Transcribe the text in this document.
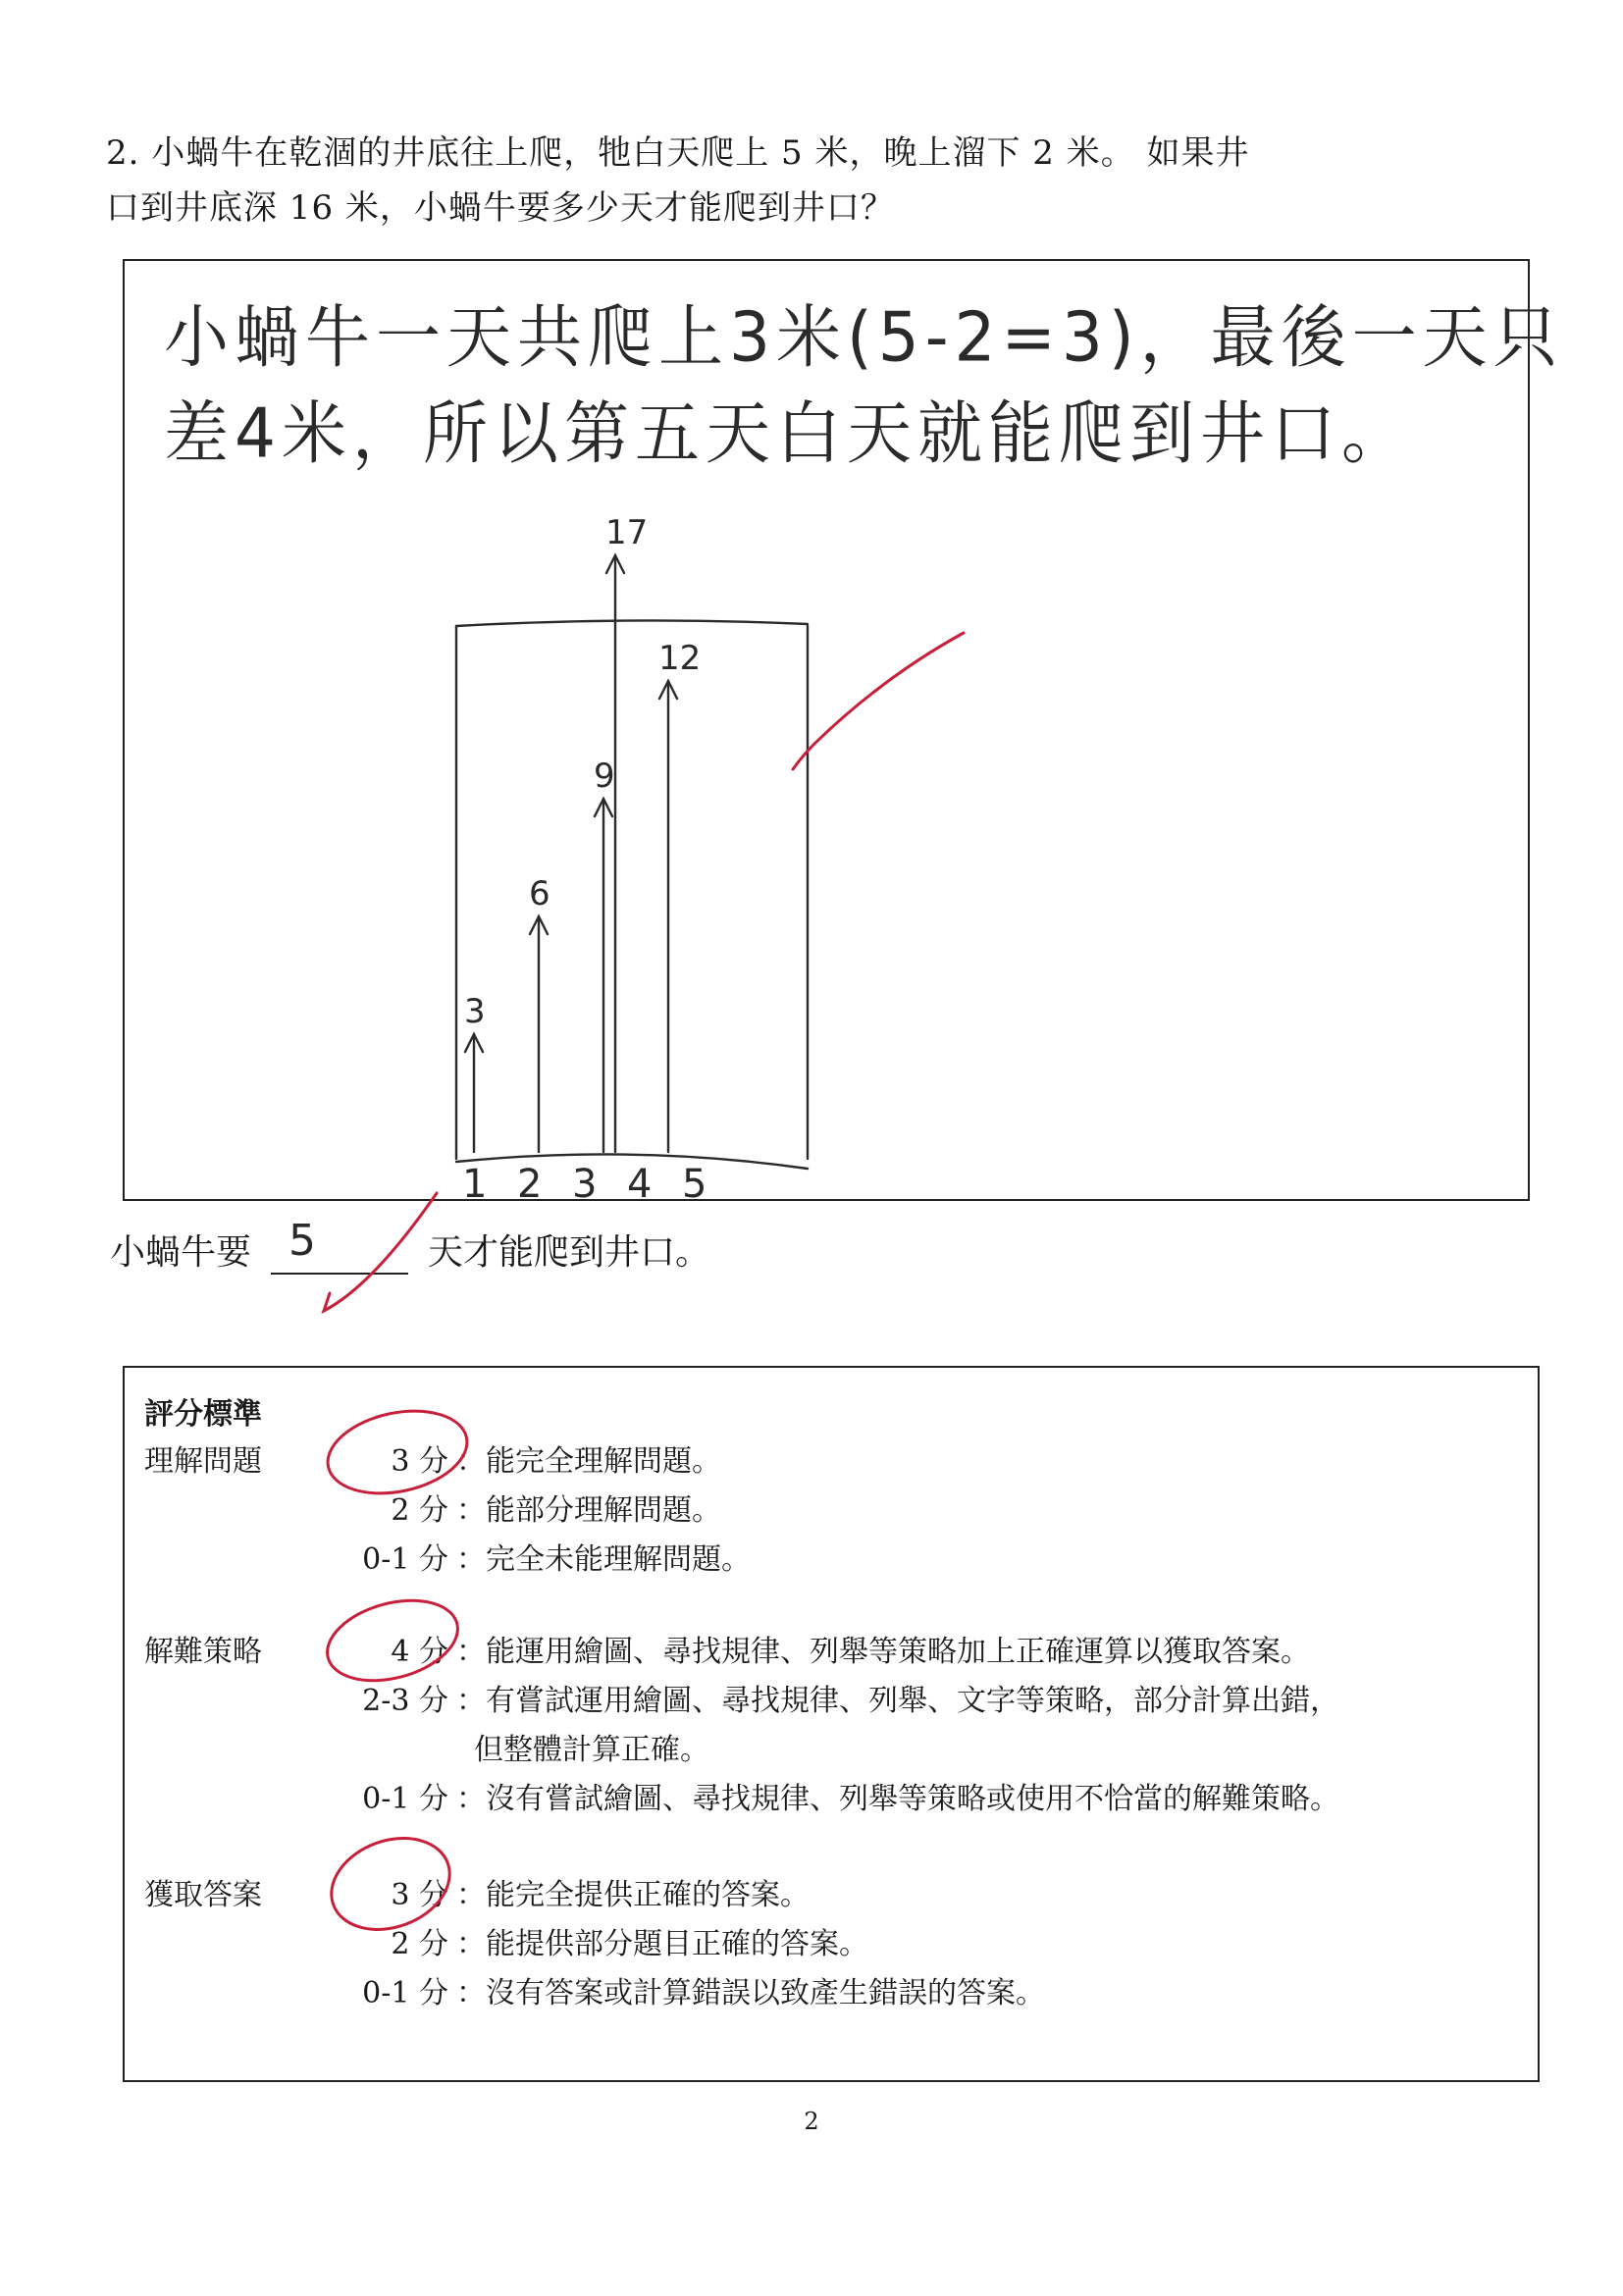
2. 小蝸牛在乾涸的井底往上爬，牠白天爬上 5 米，晚上溜下 2 米。 如果井
口到井底深 16 米，小蝸牛要多少天才能爬到井口？
小蝸牛一天共爬上3米(5-2=3)，最後一天只
差4米，所以第五天白天就能爬到井口。
3
6
9
12
17
1 2 3 4 5
小蝸牛要 5	天才能爬到井口。
評分標準
理解問題	3 分 ：能完全理解問題。
2 分 ：能部分理解問題。
0-1 分 ：完全未能理解問題。
解難策略	4 分 ：能運用繪圖、尋找規律、列舉等策略加上正確運算以獲取答案。
2-3 分 ：有嘗試運用繪圖、尋找規律、列舉、文字等策略，部分計算出錯，
但整體計算正確。
0-1 分 ：沒有嘗試繪圖、尋找規律、列舉等策略或使用不恰當的解難策略。
獲取答案	3 分 ：能完全提供正確的答案。
2 分 ：能提供部分題目正確的答案。
0-1 分 ：沒有答案或計算錯誤以致產生錯誤的答案。
2
